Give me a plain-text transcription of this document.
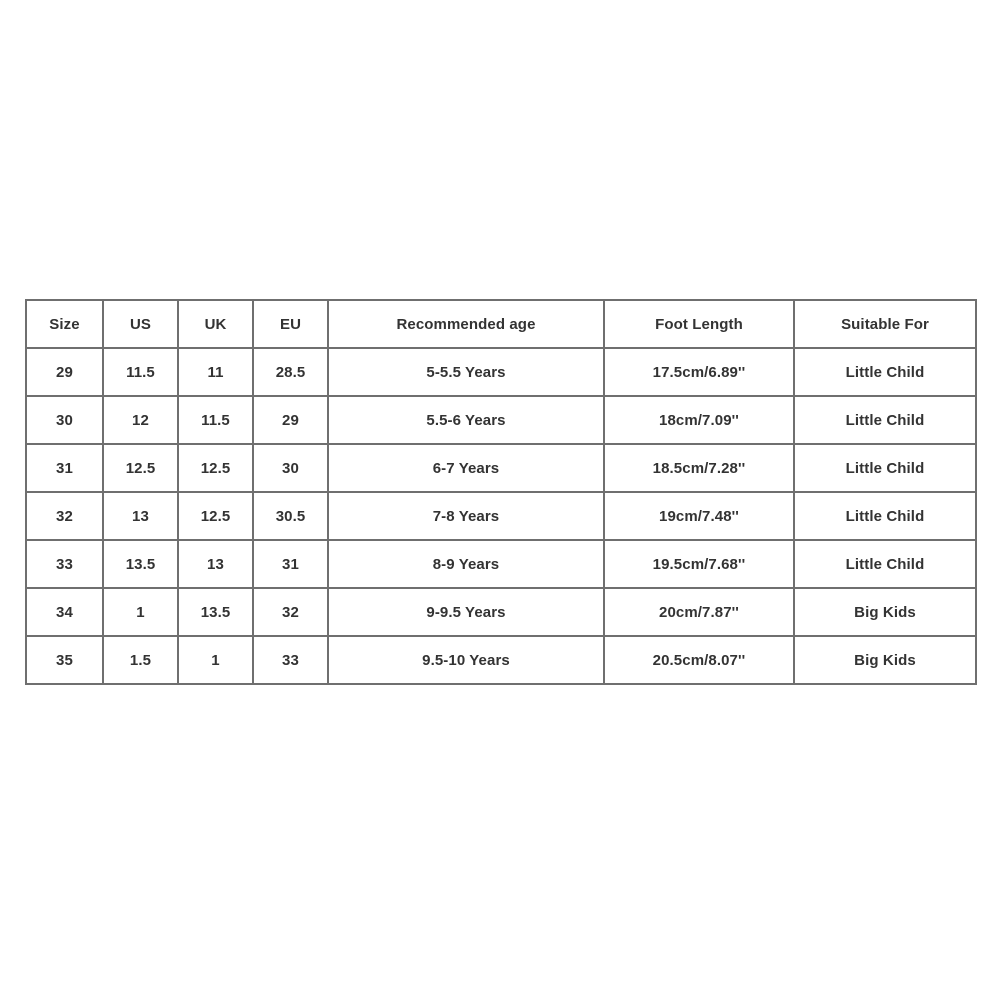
Size	US	UK	EU	Recommended age	Foot Length	Suitable For
29	11.5	11	28.5	5-5.5 Years	17.5cm/6.89''	Little Child
30	12	11.5	29	5.5-6 Years	18cm/7.09''	Little Child
31	12.5	12.5	30	6-7 Years	18.5cm/7.28''	Little Child
32	13	12.5	30.5	7-8 Years	19cm/7.48''	Little Child
33	13.5	13	31	8-9 Years	19.5cm/7.68''	Little Child
34	1	13.5	32	9-9.5 Years	20cm/7.87''	Big Kids
35	1.5	1	33	9.5-10 Years	20.5cm/8.07''	Big Kids
